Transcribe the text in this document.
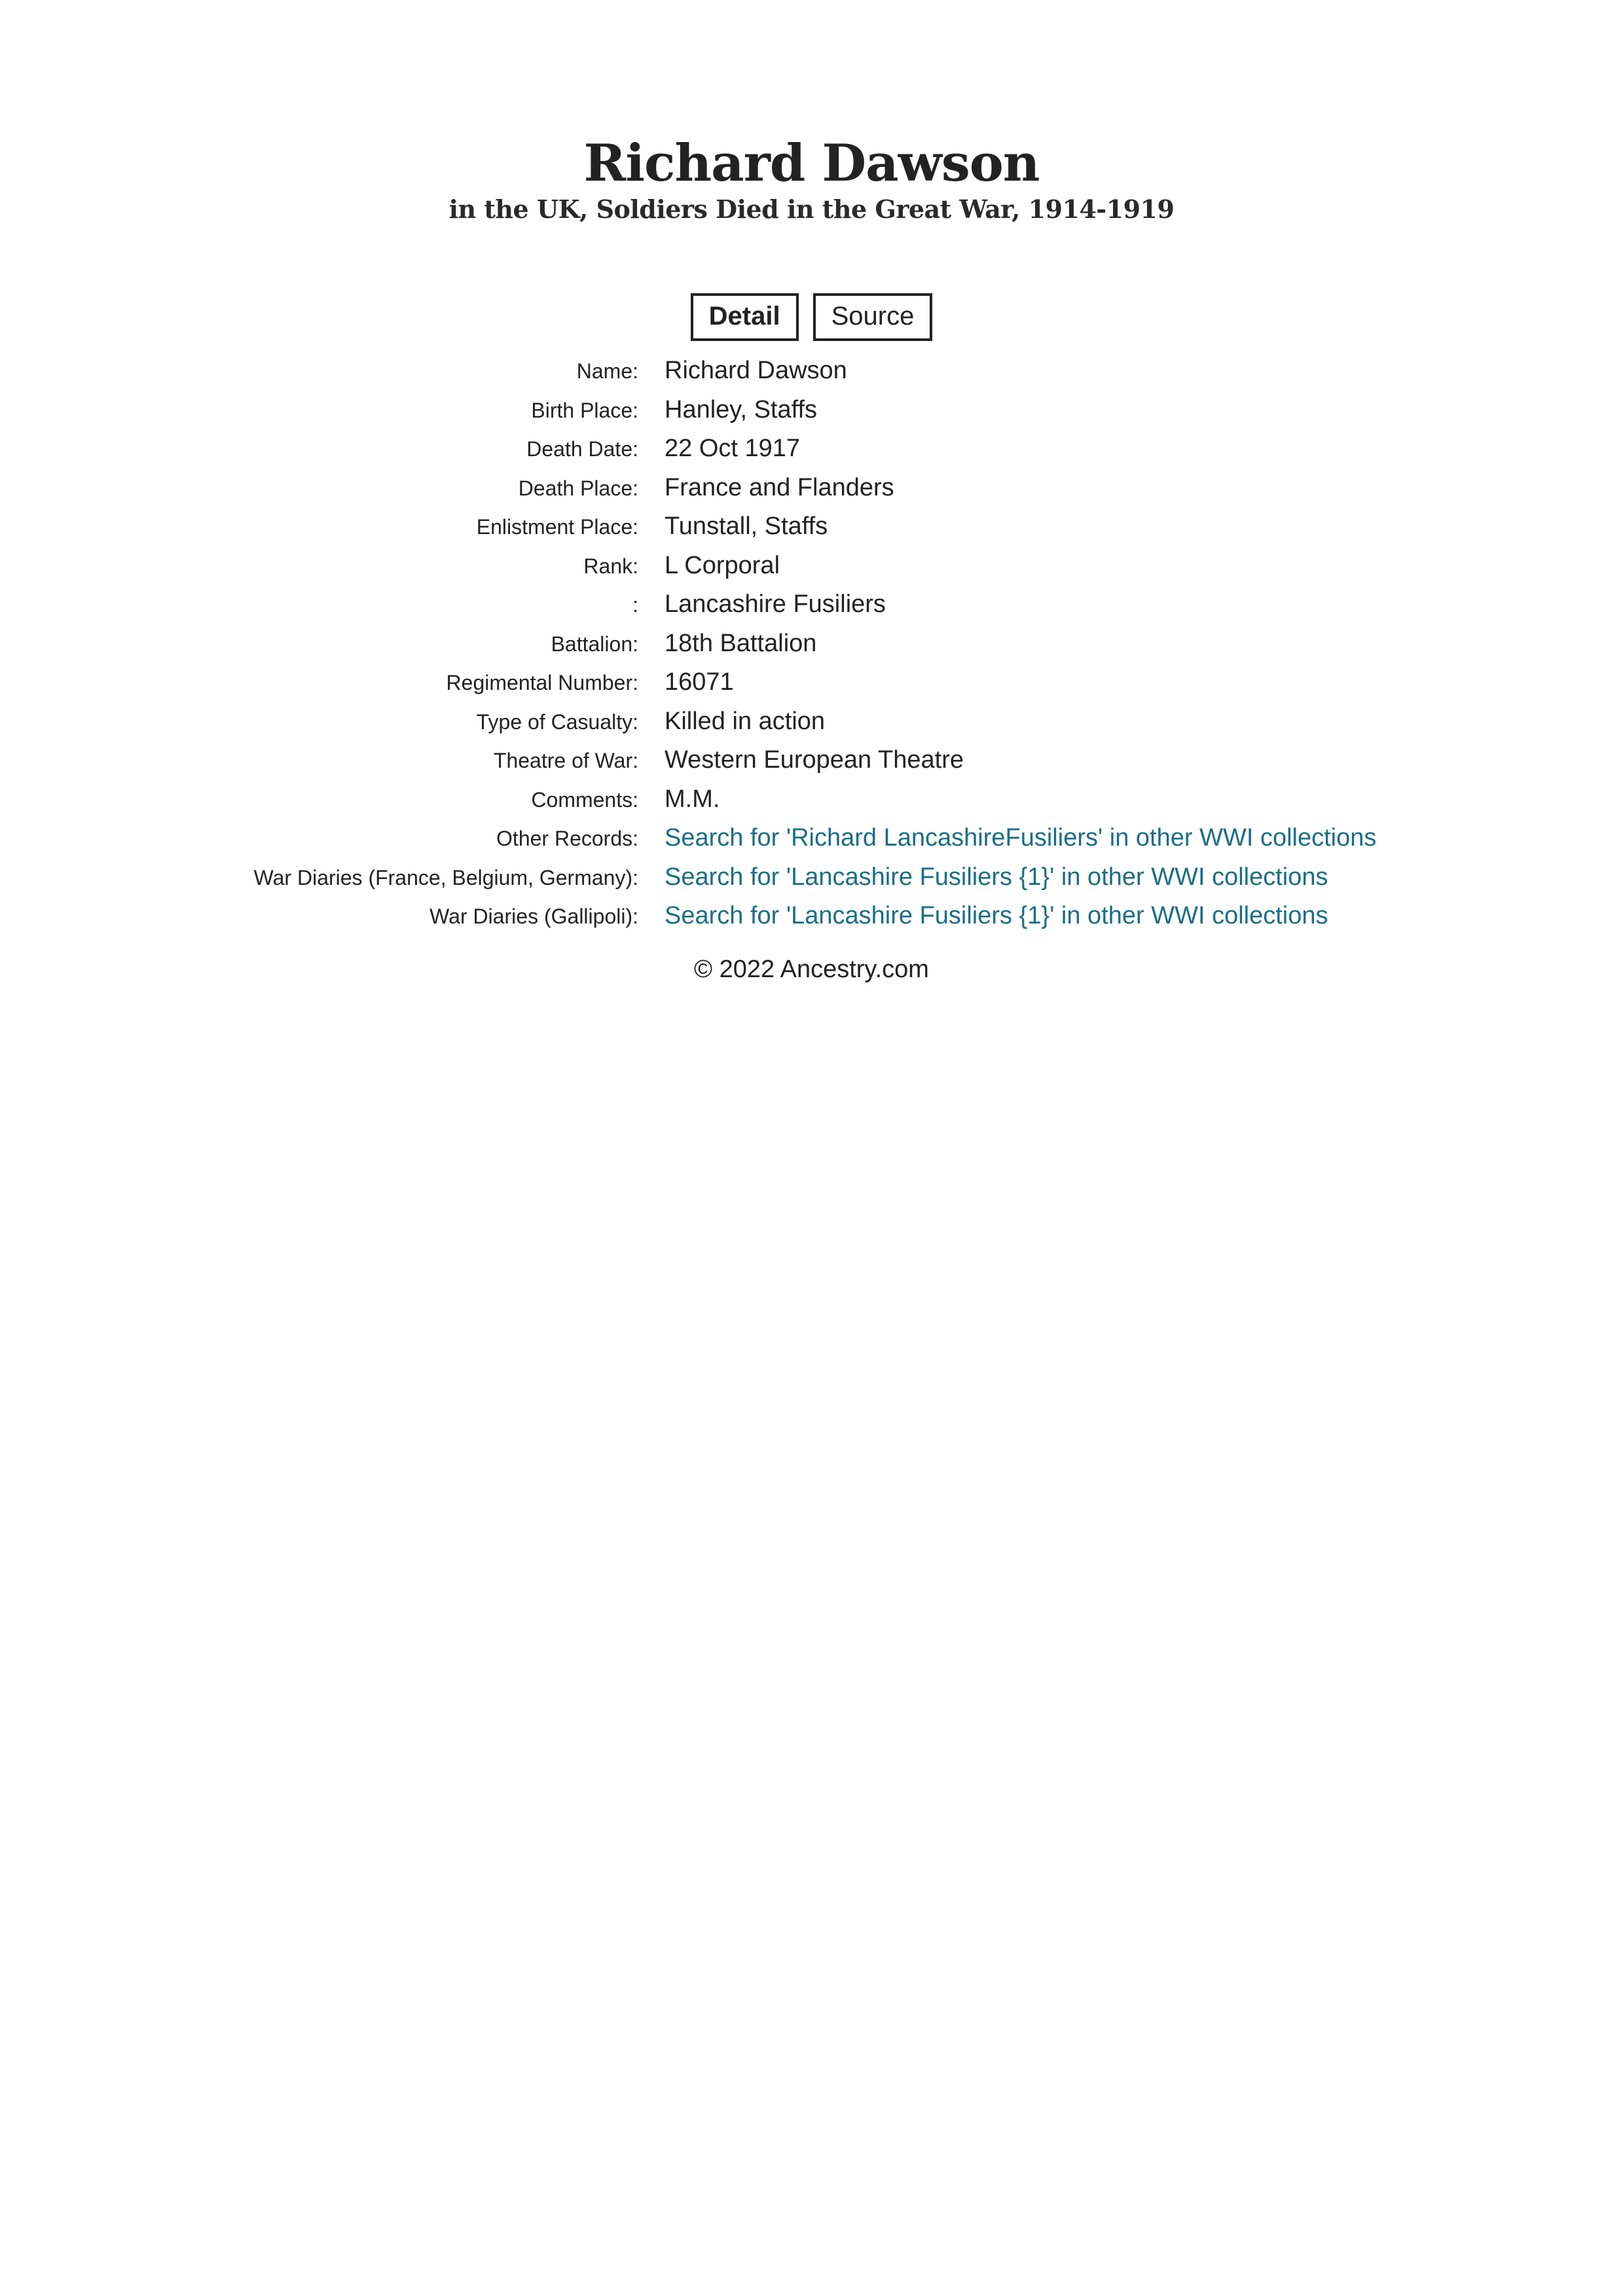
Richard Dawson
in the UK, Soldiers Died in the Great War, 1914-1919
Detail	Source
Name: Richard Dawson
Birth Place: Hanley, Staffs
Death Date: 22 Oct 1917
Death Place: France and Flanders
Enlistment Place: Tunstall, Staffs
Rank: L Corporal
: Lancashire Fusiliers
Battalion: 18th Battalion
Regimental Number: 16071
Type of Casualty: Killed in action
Theatre of War: Western European Theatre
Comments: M.M.
Other Records: Search for 'Richard LancashireFusiliers' in other WWI collections
War Diaries (France, Belgium, Germany): Search for 'Lancashire Fusiliers {1}' in other WWI collections
War Diaries (Gallipoli): Search for 'Lancashire Fusiliers {1}' in other WWI collections
© 2022 Ancestry.com
